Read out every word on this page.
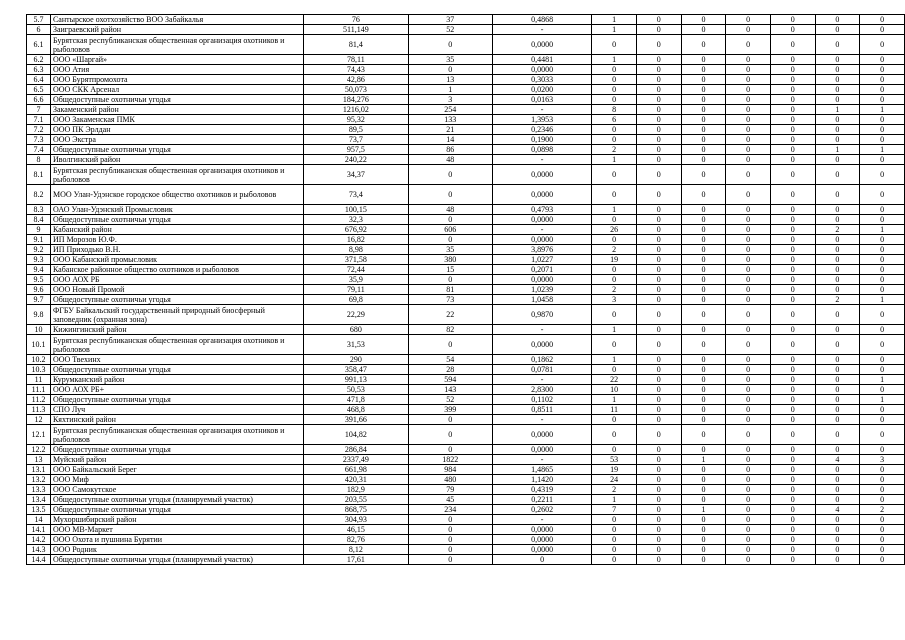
5.7	Сантырское охотхозяйство ВОО Забайкалья	76	37	0,4868	1	0	0	0	0	0	0
6	Заиграевский район	511,149	52	-	1	0	0	0	0	0	0
6.1	Бурятская республиканская общественная организация охотников и рыболовов	81,4	0	0,0000	0	0	0	0	0	0	0
6.2	ООО «Шаргай»	78,11	35	0,4481	1	0	0	0	0	0	0
6.3	ООО Атия	74,43	0	0,0000	0	0	0	0	0	0	0
6.4	ООО Бурятпромохота	42,86	13	0,3033	0	0	0	0	0	0	0
6.5	ООО СКК Арсенал	50,073	1	0,0200	0	0	0	0	0	0	0
6.6	Общедоступные охотничьи угодья	184,276	3	0,0163	0	0	0	0	0	0	0
7	Закаменский район	1216,02	254	-	8	0	0	0	0	1	1
7.1	ООО Закаменская ПМК	95,32	133	1,3953	6	0	0	0	0	0	0
7.2	ООО ПК Эрлдан	89,5	21	0,2346	0	0	0	0	0	0	0
7.3	ООО Экстра	73,7	14	0,1900	0	0	0	0	0	0	0
7.4	Общедоступные охотничьи угодья	957,5	86	0,0898	2	0	0	0	0	1	1
8	Иволгинский район	240,22	48	-	1	0	0	0	0	0	0
8.1	Бурятская республиканская общественная организация охотников и рыболовов	34,37	0	0,0000	0	0	0	0	0	0	0
8.2	МОО Улан-Удэнское городское общество охотников и рыболовов	73,4	0	0,0000	0	0	0	0	0	0	0
8.3	ОАО Улан-Удэнский Промысловик	100,15	48	0,4793	1	0	0	0	0	0	0
8.4	Общедоступные охотничьи угодья	32,3	0	0,0000	0	0	0	0	0	0	0
9	Кабанский район	676,92	606	-	26	0	0	0	0	2	1
9.1	ИП Морозов Ю.Ф.	16,82	0	0,0000	0	0	0	0	0	0	0
9.2	ИП Приходько В.Н.	8,98	35	3,8976	2	0	0	0	0	0	0
9.3	ООО Кабанский промысловик	371,58	380	1,0227	19	0	0	0	0	0	0
9.4	Кабанское районное общество охотников и рыболовов	72,44	15	0,2071	0	0	0	0	0	0	0
9.5	ООО АОХ РБ	35,9	0	0,0000	0	0	0	0	0	0	0
9.6	ООО Новый Промой	79,11	81	1,0239	2	0	0	0	0	0	0
9.7	Общедоступные охотничьи угодья	69,8	73	1,0458	3	0	0	0	0	2	1
9.8	ФГБУ Байкальский государственный природный биосферный заповедник (охранная зона)	22,29	22	0,9870	0	0	0	0	0	0	0
10	Кижингинский район	680	82	-	1	0	0	0	0	0	0
10.1	Бурятская республиканская общественная организация охотников и рыболовов	31,53	0	0,0000	0	0	0	0	0	0	0
10.2	ООО Твеxинх	290	54	0,1862	1	0	0	0	0	0	0
10.3	Общедоступные охотничьи угодья	358,47	28	0,0781	0	0	0	0	0	0	0
11	Курумканский район	991,13	594	-	22	0	0	0	0	0	1
11.1	ООО АОХ РБ+	50,53	143	2,8300	10	0	0	0	0	0	0
11.2	Общедоступные охотничьи угодья	471,8	52	0,1102	1	0	0	0	0	0	1
11.3	СПО Луч	468,8	399	0,8511	11	0	0	0	0	0	0
12	Кяхтинский район	391,66	0	-	0	0	0	0	0	0	0
12.1	Бурятская республиканская общественная организация охотников и рыболовов	104,82	0	0,0000	0	0	0	0	0	0	0
12.2	Общедоступные охотничьи угодья	286,84	0	0,0000	0	0	0	0	0	0	0
13	Муйский район	2337,49	1822	-	53	0	1	0	0	4	3
13.1	ООО Байкальский Берег	661,98	984	1,4865	19	0	0	0	0	0	0
13.2	ООО Миф	420,31	480	1,1420	24	0	0	0	0	0	0
13.3	ООО Самокутское	182,9	79	0,4319	2	0	0	0	0	0	0
13.4	Общедоступные охотничьи угодья (планируемый участок)	203,55	45	0,2211	1	0	0	0	0	0	0
13.5	Общедоступные охотничьи угодья	868,75	234	0,2602	7	0	1	0	0	4	2
14	Мухоршибирский район	304,93	0	-	0	0	0	0	0	0	0
14.1	ООО МВ-Маркет	46,15	0	0,0000	0	0	0	0	0	0	0
14.2	ООО Охота и пушнина Бурятии	82,76	0	0,0000	0	0	0	0	0	0	0
14.3	ООО Родник	8,12	0	0,0000	0	0	0	0	0	0	0
14.4	Общедоступные охотничьи угодья (планируемый участок)	17,61	0	0	0	0	0	0	0	0	0
